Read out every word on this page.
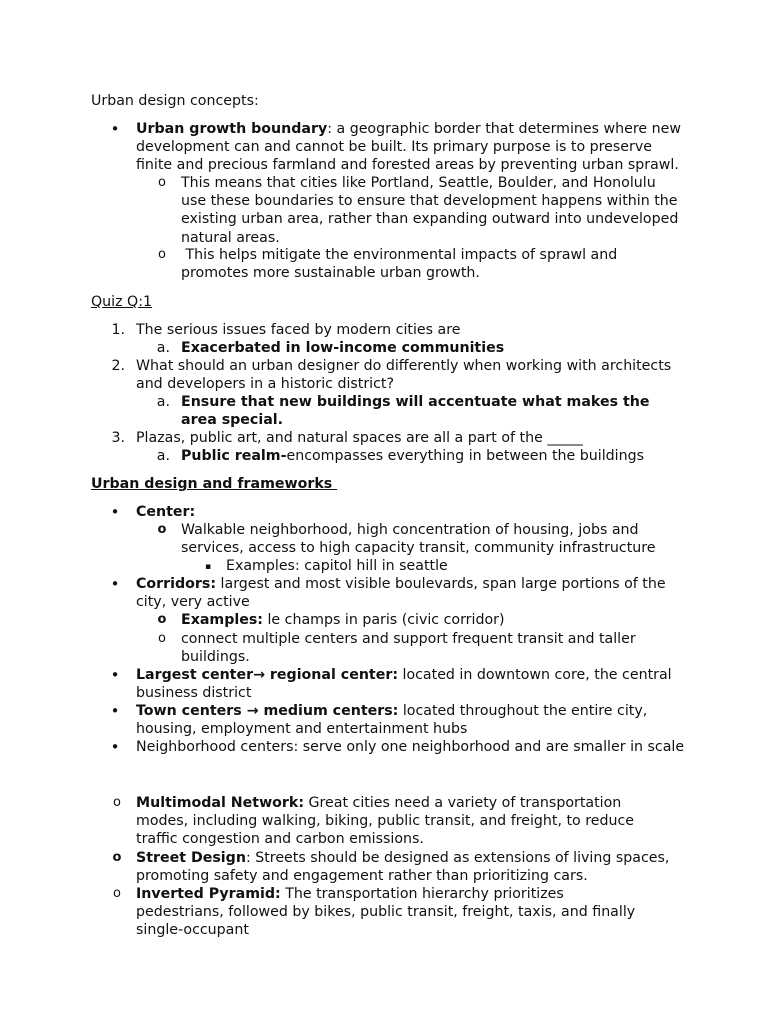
Urban design concepts:
• Urban growth boundary: a geographic border that determines where new development can and cannot be built. Its primary purpose is to preserve finite and precious farmland and forested areas by preventing urban sprawl.
o This means that cities like Portland, Seattle, Boulder, and Honolulu use these boundaries to ensure that development happens within the existing urban area, rather than expanding outward into undeveloped natural areas.
o This helps mitigate the environmental impacts of sprawl and promotes more sustainable urban growth.
Quiz Q:1
1. The serious issues faced by modern cities are
a. Exacerbated in low-income communities
2. What should an urban designer do differently when working with architects and developers in a historic district?
a. Ensure that new buildings will accentuate what makes the area special.
3. Plazas, public art, and natural spaces are all a part of the _____
a. Public realm-encompasses everything in between the buildings
Urban design and frameworks
• Center:
o Walkable neighborhood, high concentration of housing, jobs and services, access to high capacity transit, community infrastructure
▪ Examples: capitol hill in seattle
• Corridors: largest and most visible boulevards, span large portions of the city, very active
o Examples: le champs in paris (civic corridor)
o connect multiple centers and support frequent transit and taller buildings.
• Largest center→ regional center: located in downtown core, the central business district
• Town centers → medium centers: located throughout the entire city, housing, employment and entertainment hubs
• Neighborhood centers: serve only one neighborhood and are smaller in scale
o Multimodal Network: Great cities need a variety of transportation modes, including walking, biking, public transit, and freight, to reduce traffic congestion and carbon emissions.
o Street Design: Streets should be designed as extensions of living spaces, promoting safety and engagement rather than prioritizing cars.
o Inverted Pyramid: The transportation hierarchy prioritizes pedestrians, followed by bikes, public transit, freight, taxis, and finally single-occupant
